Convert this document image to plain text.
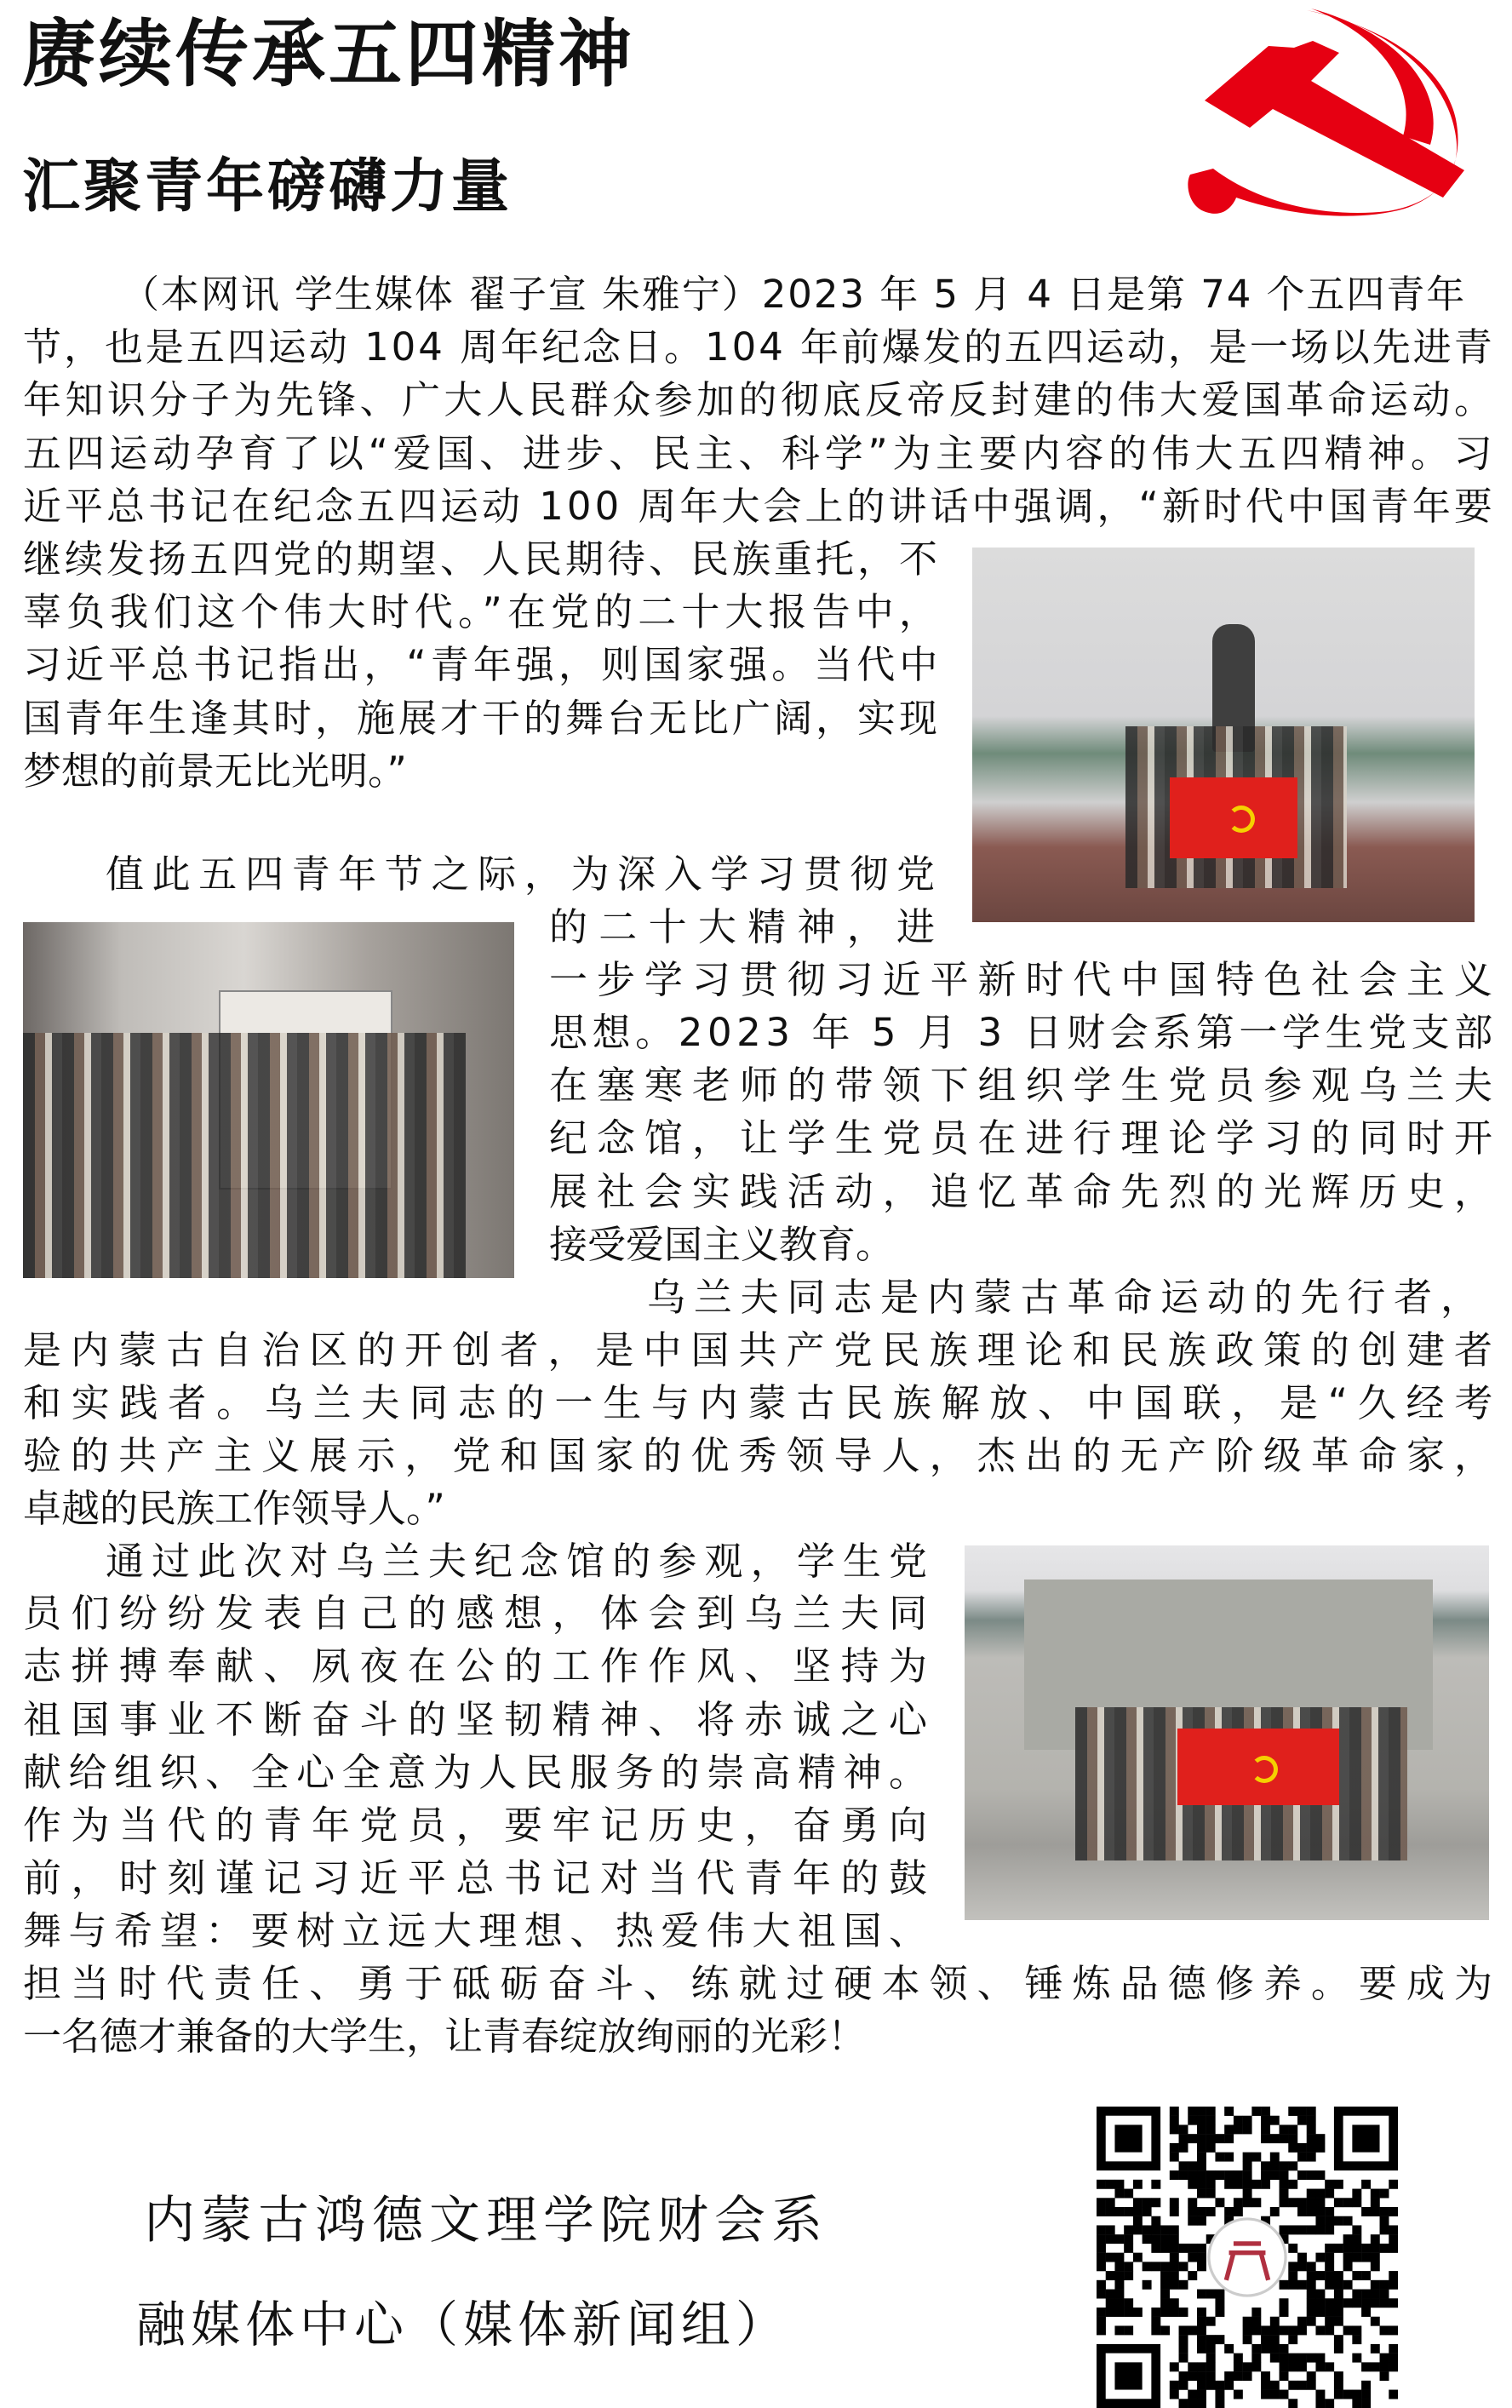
赓续传承五四精神
汇聚青年磅礴力量
（本网讯 学生媒体 翟子宣 朱雅宁）2023 年 5 月 4 日是第 74 个五四青年
节，也是五四运动 104 周年纪念日。104 年前爆发的五四运动，是一场以先进青
年知识分子为先锋、广大人民群众参加的彻底反帝反封建的伟大爱国革命运动。
五四运动孕育了以“爱国、进步、民主、科学”为主要内容的伟大五四精神。习
近平总书记在纪念五四运动 100 周年大会上的讲话中强调，“新时代中国青年要
继续发扬五四党的期望、人民期待、民族重托，不
辜负我们这个伟大时代。”在党的二十大报告中，
习近平总书记指出，“青年强，则国家强。当代中
国青年生逢其时，施展才干的舞台无比广阔，实现
梦想的前景无比光明。”
值此五四青年节之际，为深入学习贯彻党
的二十大精神，进
一步学习贯彻习近平新时代中国特色社会主义
思想。2023 年 5 月 3 日财会系第一学生党支部
在塞寒老师的带领下组织学生党员参观乌兰夫
纪念馆，让学生党员在进行理论学习的同时开
展社会实践活动，追忆革命先烈的光辉历史，
接受爱国主义教育。
乌兰夫同志是内蒙古革命运动的先行者，
是内蒙古自治区的开创者，是中国共产党民族理论和民族政策的创建者
和实践者。乌兰夫同志的一生与内蒙古民族解放、中国联，是“久经考
验的共产主义展示，党和国家的优秀领导人，杰出的无产阶级革命家，
卓越的民族工作领导人。”
通过此次对乌兰夫纪念馆的参观，学生党
员们纷纷发表自己的感想，体会到乌兰夫同
志拼搏奉献、夙夜在公的工作作风、坚持为
祖国事业不断奋斗的坚韧精神、将赤诚之心
献给组织、全心全意为人民服务的崇高精神。
作为当代的青年党员，要牢记历史，奋勇向
前，时刻谨记习近平总书记对当代青年的鼓
舞与希望：要树立远大理想、热爱伟大祖国、
担当时代责任、勇于砥砺奋斗、练就过硬本领、锤炼品德修养。要成为
一名德才兼备的大学生，让青春绽放绚丽的光彩！
内蒙古鸿德文理学院财会系
融媒体中心（媒体新闻组）
